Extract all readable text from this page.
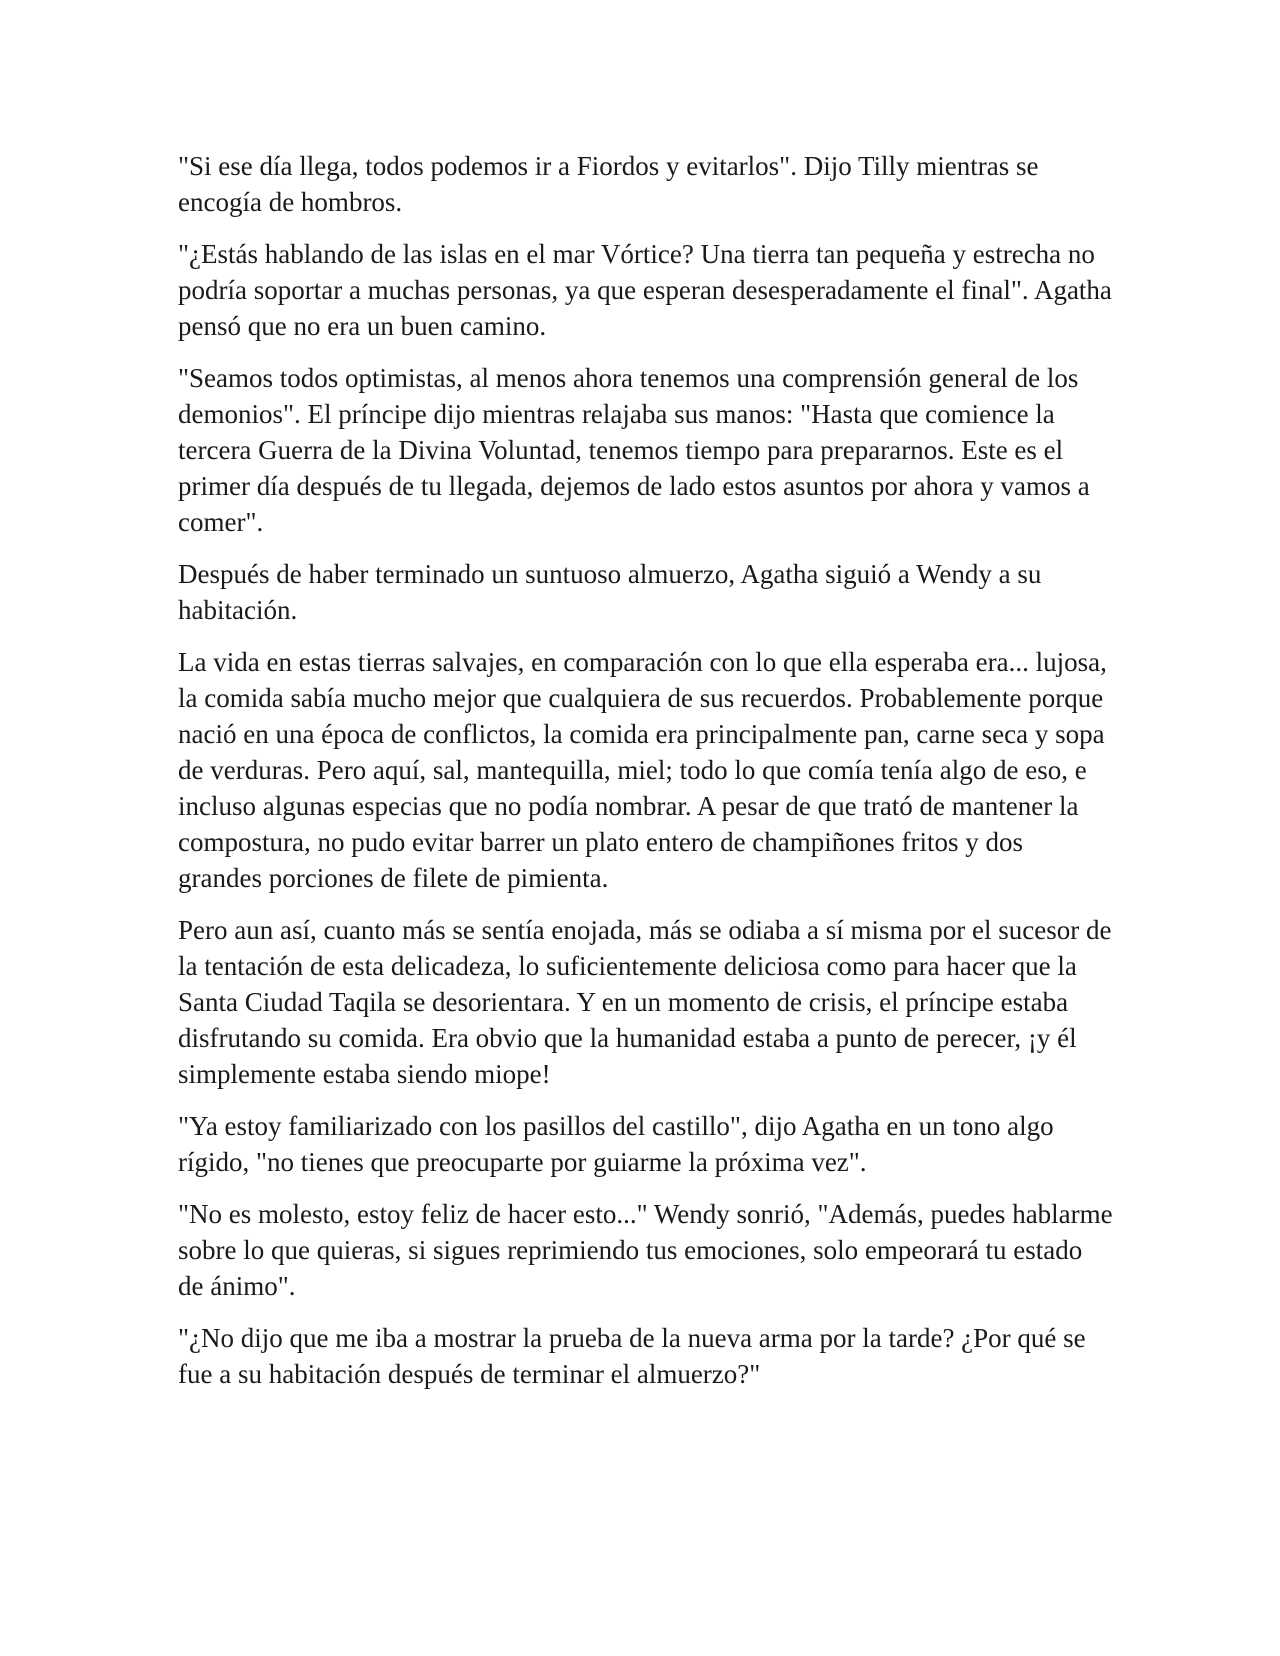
"Si ese día llega, todos podemos ir a Fiordos y evitarlos". Dijo Tilly mientras se encogía de hombros.

"¿Estás hablando de las islas en el mar Vórtice? Una tierra tan pequeña y estrecha no podría soportar a muchas personas, ya que esperan desesperadamente el final". Agatha pensó que no era un buen camino.

"Seamos todos optimistas, al menos ahora tenemos una comprensión general de los demonios". El príncipe dijo mientras relajaba sus manos: "Hasta que comience la tercera Guerra de la Divina Voluntad, tenemos tiempo para prepararnos. Este es el primer día después de tu llegada, dejemos de lado estos asuntos por ahora y vamos a comer".

Después de haber terminado un suntuoso almuerzo, Agatha siguió a Wendy a su habitación.

La vida en estas tierras salvajes, en comparación con lo que ella esperaba era... lujosa, la comida sabía mucho mejor que cualquiera de sus recuerdos. Probablemente porque nació en una época de conflictos, la comida era principalmente pan, carne seca y sopa de verduras. Pero aquí, sal, mantequilla, miel; todo lo que comía tenía algo de eso, e incluso algunas especias que no podía nombrar. A pesar de que trató de mantener la compostura, no pudo evitar barrer un plato entero de champiñones fritos y dos grandes porciones de filete de pimienta.

Pero aun así, cuanto más se sentía enojada, más se odiaba a sí misma por el sucesor de la tentación de esta delicadeza, lo suficientemente deliciosa como para hacer que la Santa Ciudad Taqila se desorientara. Y en un momento de crisis, el príncipe estaba disfrutando su comida. Era obvio que la humanidad estaba a punto de perecer, ¡y él simplemente estaba siendo miope!

"Ya estoy familiarizado con los pasillos del castillo", dijo Agatha en un tono algo rígido, "no tienes que preocuparte por guiarme la próxima vez".

"No es molesto, estoy feliz de hacer esto..." Wendy sonrió, "Además, puedes hablarme sobre lo que quieras, si sigues reprimiendo tus emociones, solo empeorará tu estado de ánimo".

"¿No dijo que me iba a mostrar la prueba de la nueva arma por la tarde? ¿Por qué se fue a su habitación después de terminar el almuerzo?"
